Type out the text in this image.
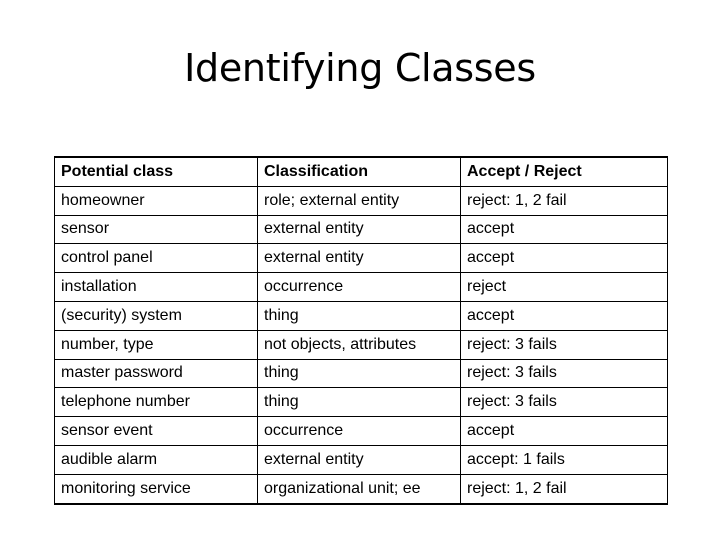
Identifying Classes
Potential class	Classification	Accept / Reject
homeowner	role; external entity	reject: 1, 2 fail
sensor	external entity	accept
control panel	external entity	accept
installation	occurrence	reject
(security) system	thing	accept
number, type	not objects, attributes	reject: 3 fails
master password	thing	reject: 3 fails
telephone number	thing	reject: 3 fails
sensor event	occurrence	accept
audible alarm	external entity	accept: 1 fails
monitoring service	organizational unit; ee	reject: 1, 2 fail
